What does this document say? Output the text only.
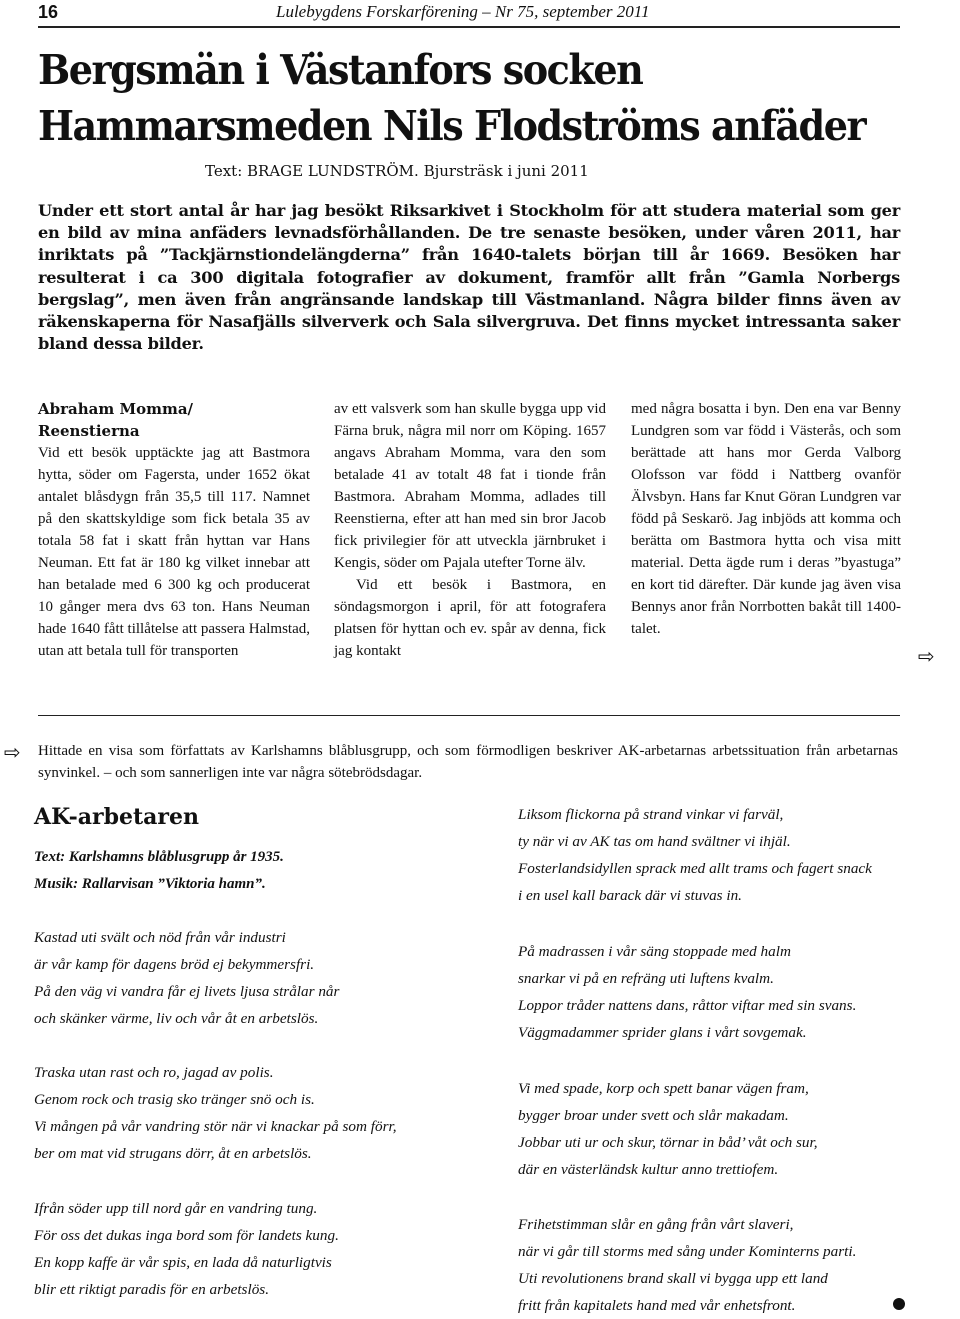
16	Lulebygdens Forskarförening – Nr 75, september 2011
Bergsmän i Västanfors socken
Hammarsmeden Nils Flodströms anfäder
Text: BRAGE LUNDSTRÖM. Bjursträsk i juni 2011
Under ett stort antal år har jag besökt Riksarkivet i Stockholm för att studera material som ger en bild av mina anfäders levnadsförhållanden. De tre senaste besöken, under våren 2011, har inriktats på ”Tackjärnstiondelängderna” från 1640-talets början till år 1669. Besöken har resulterat i ca 300 digitala fotografier av dokument, framför allt från ”Gamla Norbergs bergslag”, men även från angränsande landskap till Västmanland. Några bilder finns även av räkenskaperna för Nasafjälls silververk och Sala silvergruva. Det finns mycket intressanta saker bland dessa bilder.
Abraham Momma/
Reenstierna

Vid ett besök upptäckte jag att Bastmora hytta, söder om Fagersta, under 1652 ökat antalet blåsdygn från 35,5 till 117. Namnet på den skattskyldige som fick betala 35 av totala 58 fat i skatt från hyttan var Hans Neuman. Ett fat är 180 kg vilket innebar att han betalade med 6 300 kg och producerat 10 gånger mera dvs 63 ton. Hans Neuman hade 1640 fått tillåtelse att passera Halmstad, utan att betala tull för transporten

av ett valsverk som han skulle bygga upp vid Färna bruk, några mil norr om Köping. 1657 angavs Abraham Momma, vara den som betalade 41 av totalt 48 fat i tionde från Bastmora. Abraham Momma, adlades till Reenstierna, efter att han med sin bror Jacob fick privilegier för att utveckla järnbruket i Kengis, söder om Pajala utefter Torne älv.

Vid ett besök i Bastmora, en söndagsmorgon i april, för att fotografera platsen för hyttan och ev. spår av denna, fick jag kontakt

med några bosatta i byn. Den ena var Benny Lundgren som var född i Västerås, och som berättade att hans mor Gerda Valborg Olofsson var född i Nattberg ovanför Älvsbyn. Hans far Knut Göran Lundgren var född på Seskarö. Jag inbjöds att komma och berätta om Bastmora hytta och visa mitt material. Detta ägde rum i deras ”byastuga” en kort tid därefter. Där kunde jag även visa Bennys anor från Norrbotten bakåt till 1400-talet.

⇨
⇨ Hittade en visa som författats av Karlshamns blåblusgrupp, och som förmodligen beskriver AK-arbetarnas arbetssituation från arbetarnas synvinkel. – och som sannerligen inte var några sötebrödsdagar.
AK-arbetaren
Text: Karlshamns blåblusgrupp år 1935.
Musik: Rallarvisan ”Viktoria hamn”.
Kastad uti svält och nöd från vår industri
är vår kamp för dagens bröd ej bekymmersfri.
På den väg vi vandra får ej livets ljusa strålar når
och skänker värme, liv och vår åt en arbetslös.
Traska utan rast och ro, jagad av polis.
Genom rock och trasig sko tränger snö och is.
Vi mången på vår vandring stör när vi knackar på som förr,
ber om mat vid strugans dörr, åt en arbetslös.
Ifrån söder upp till nord går en vandring tung.
För oss det dukas inga bord som för landets kung.
En kopp kaffe är vår spis, en lada då naturligtvis
blir ett riktigt paradis för en arbetslös.
Liksom flickorna på strand vinkar vi farväl,
ty när vi av AK tas om hand svältner vi ihjäl.
Fosterlandsidyllen sprack med allt trams och fagert snack
i en usel kall barack där vi stuvas in.
På madrassen i vår säng stoppade med halm
snarkar vi på en refräng uti luftens kvalm.
Loppor tråder nattens dans, råttor viftar med sin svans.
Väggmadammer sprider glans i vårt sovgemak.
Vi med spade, korp och spett banar vägen fram,
bygger broar under svett och slår makadam.
Jobbar uti ur och skur, törnar in båd’ våt och sur,
där en västerländsk kultur anno trettiofem.
Frihetstimman slår en gång från vårt slaveri,
när vi går till storms med sång under Kominterns parti.
Uti revolutionens brand skall vi bygga upp ett land
fritt från kapitalets hand med vår enhetsfront.
